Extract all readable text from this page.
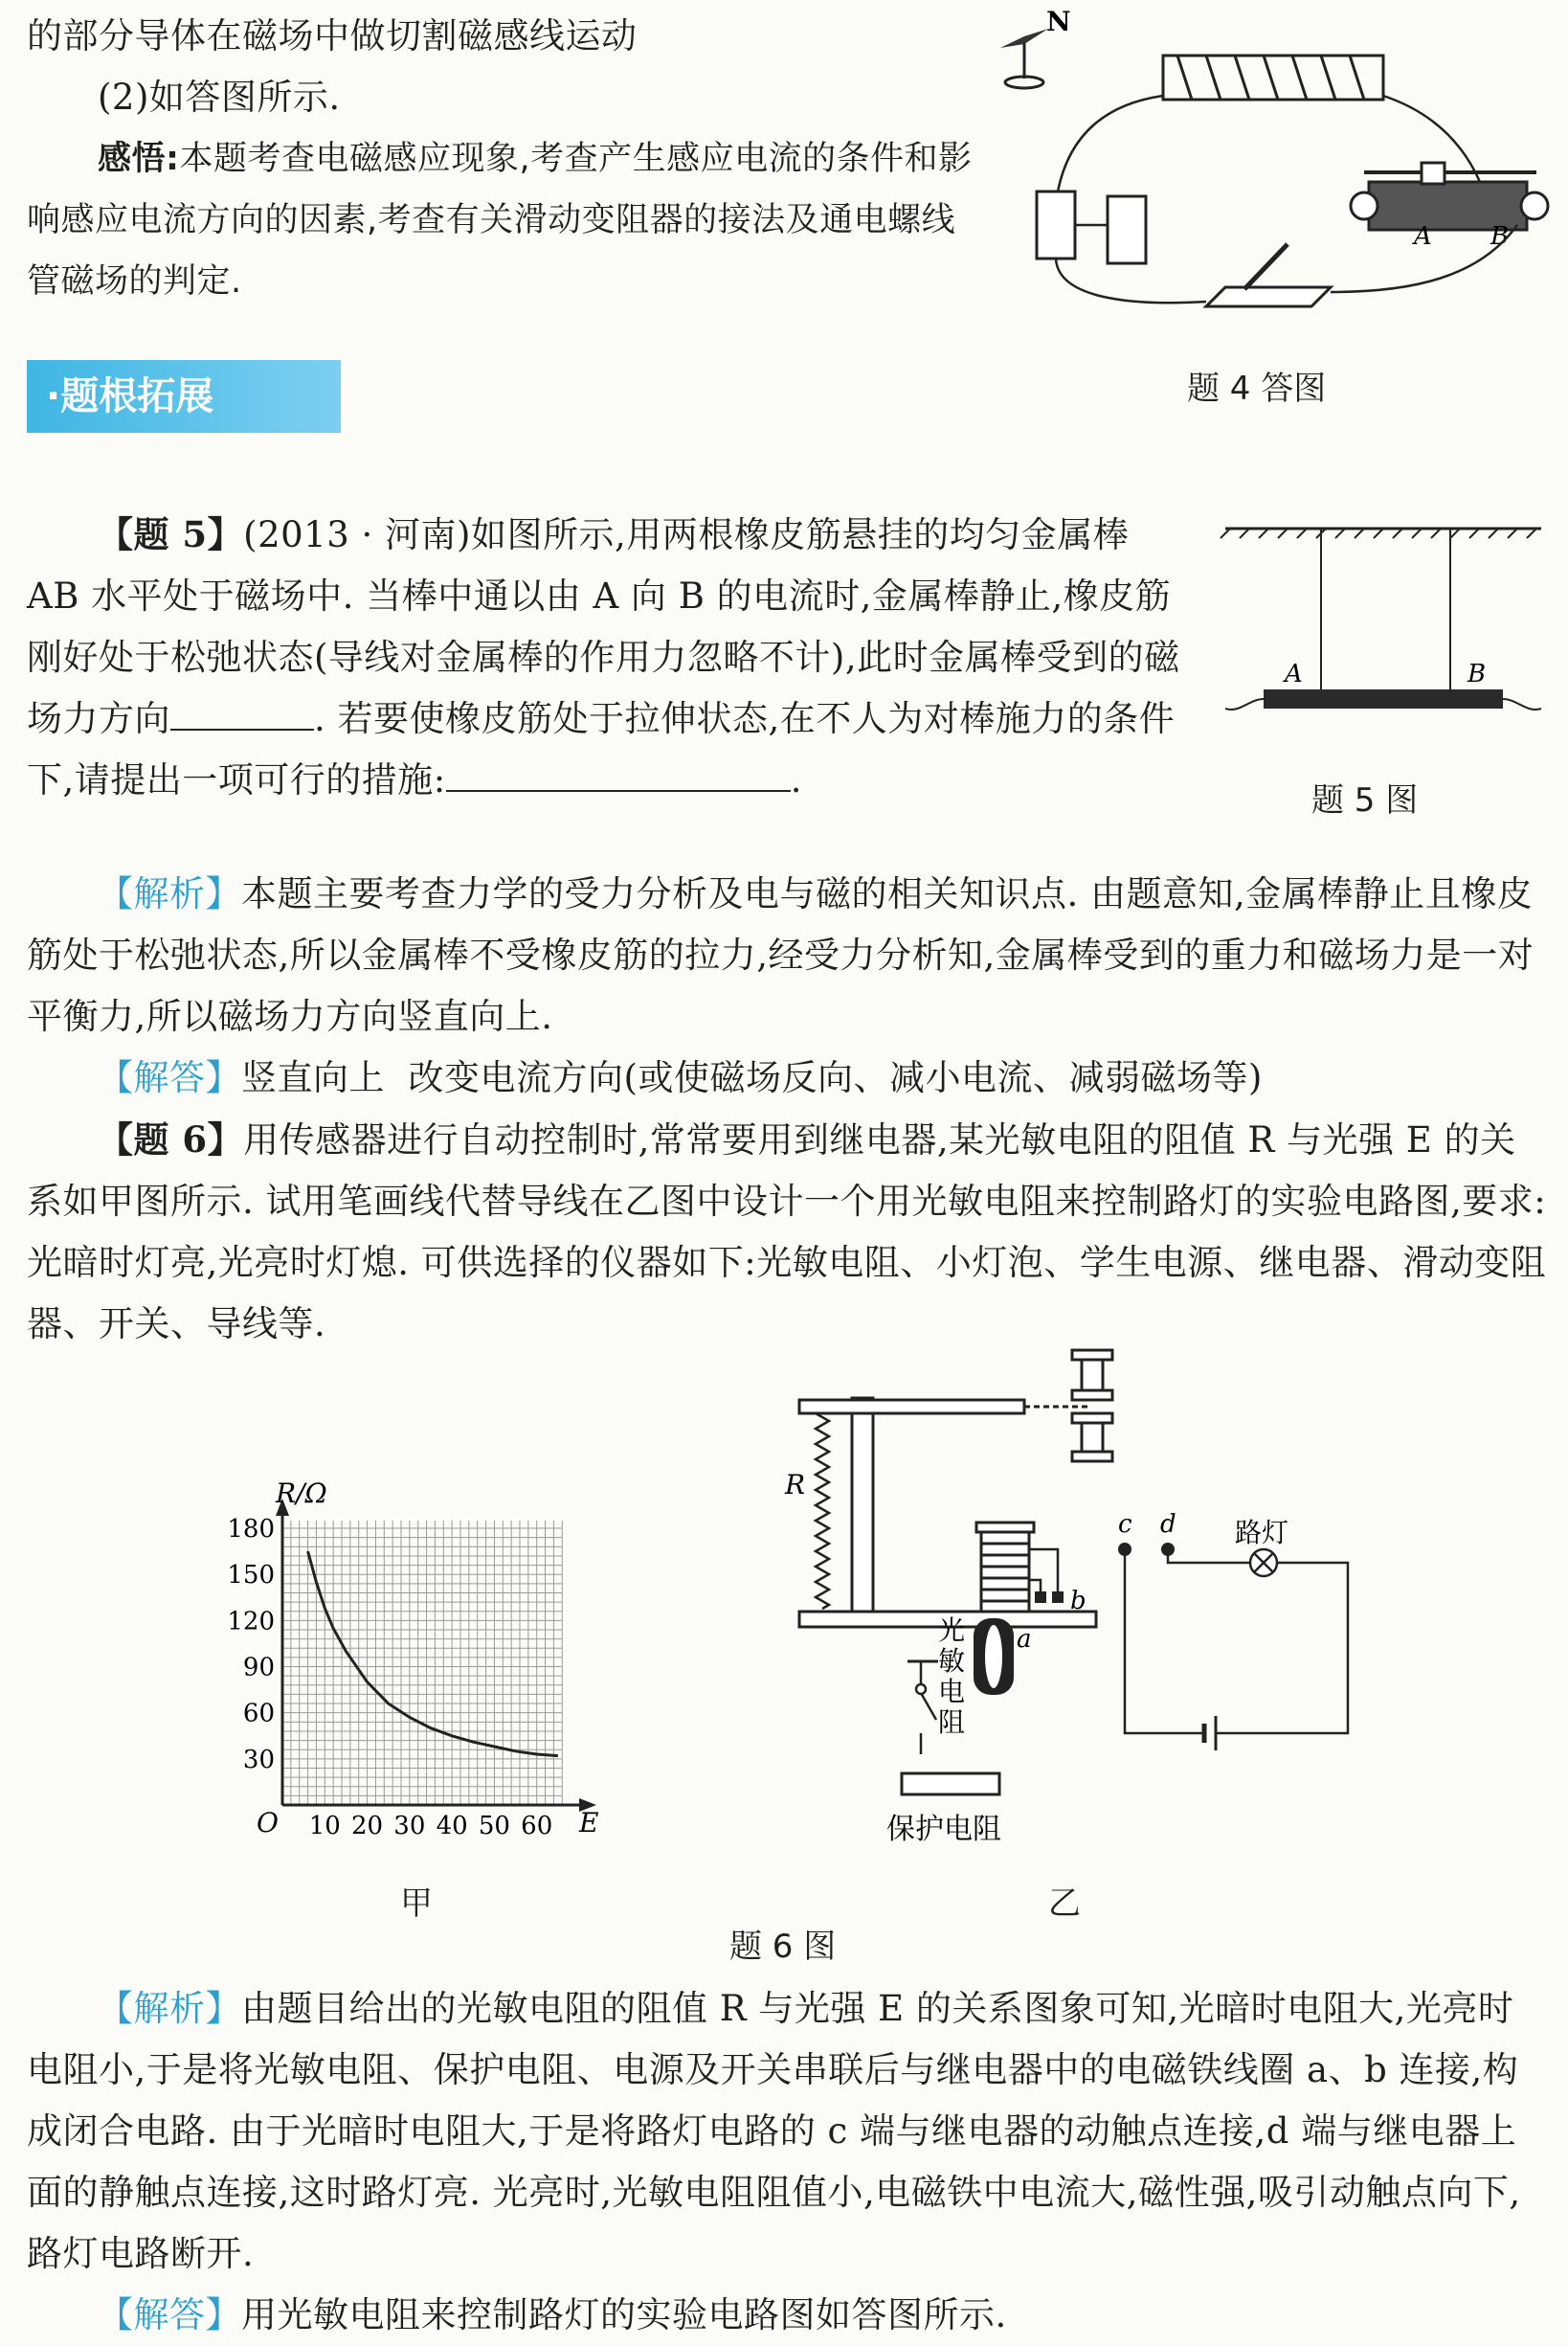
的部分导体在磁场中做切割磁感线运动

(2)如答图所示.

感悟:本题考查电磁感应现象,考查产生感应电流的条件和影响感应电流方向的因素,考查有关滑动变阻器的接法及通电螺线管磁场的判定.

N
A B
题 4 答图
·题根拓展

【题 5】(2013 · 河南)如图所示,用两根橡皮筋悬挂的均匀金属棒 AB 水平处于磁场中. 当棒中通以由 A 向 B 的电流时,金属棒静止,橡皮筋刚好处于松弛状态(导线对金属棒的作用力忽略不计),此时金属棒受到的磁场力方向	. 若要使橡皮筋处于拉伸状态,在不人为对棒施力的条件下,请提出一项可行的措施:	.

A	B
题 5 图

【解析】本题主要考查力学的受力分析及电与磁的相关知识点. 由题意知,金属棒静止且橡皮筋处于松弛状态,所以金属棒不受橡皮筋的拉力,经受力分析知,金属棒受到的重力和磁场力是一对平衡力,所以磁场力方向竖直向上.

【解答】竖直向上  改变电流方向(或使磁场反向、减小电流、减弱磁场等)

【题 6】用传感器进行自动控制时,常常要用到继电器,某光敏电阻的阻值 R 与光强 E 的关系如甲图所示. 试用笔画线代替导线在乙图中设计一个用光敏电阻来控制路灯的实验电路图,要求:光暗时灯亮,光亮时灯熄. 可供选择的仪器如下:光敏电阻、小灯泡、学生电源、继电器、滑动变阻器、开关、导线等.

10 20 30 40 50 60
30
60
90
120
150
180
R/Ω
E
O
甲
R
a
b
c d 路灯
光
敏
电
阻
保护电阻
乙
题 6 图

【解析】由题目给出的光敏电阻的阻值 R 与光强 E 的关系图象可知,光暗时电阻大,光亮时电阻小,于是将光敏电阻、保护电阻、电源及开关串联后与继电器中的电磁铁线圈 a、b 连接,构成闭合电路. 由于光暗时电阻大,于是将路灯电路的 c 端与继电器的动触点连接,d 端与继电器上面的静触点连接,这时路灯亮. 光亮时,光敏电阻阻值小,电磁铁中电流大,磁性强,吸引动触点向下,路灯电路断开.

【解答】用光敏电阻来控制路灯的实验电路图如答图所示.
